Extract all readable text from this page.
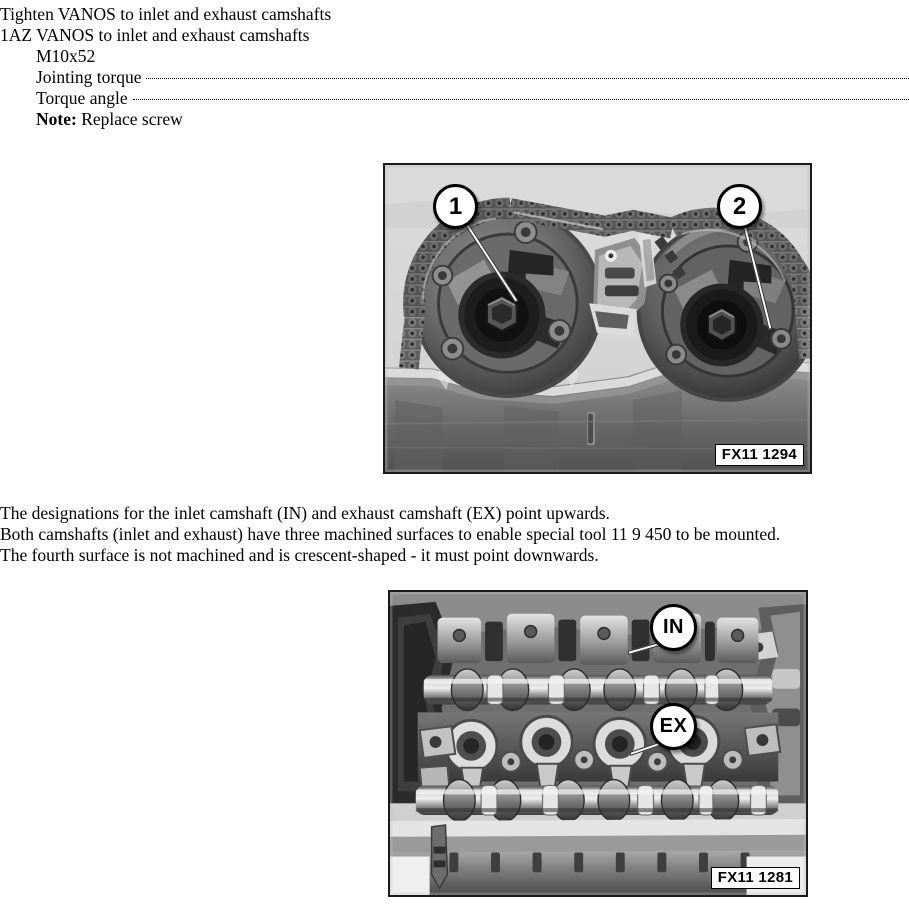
Tighten VANOS to inlet and exhaust camshafts
1AZ VANOS to inlet and exhaust camshafts
M10x52
Jointing torque
Torque angle
Note: Replace screw
FX11 1294
1	2
The designations for the inlet camshaft (IN) and exhaust camshaft (EX) point upwards.
Both camshafts (inlet and exhaust) have three machined surfaces to enable special tool 11 9 450 to be mounted.
The fourth surface is not machined and is crescent-shaped - it must point downwards.
FX11 1281
IN
EX
